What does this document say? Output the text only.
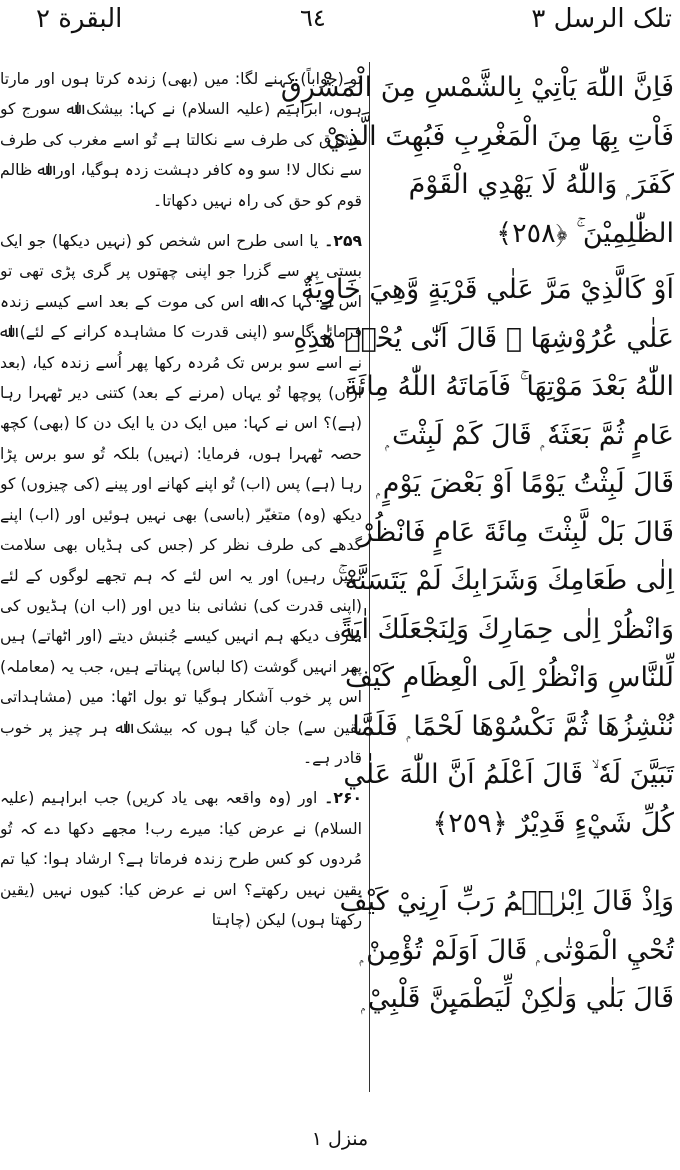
البقرة ٢	٦٤	تلک الرسل ۳

تو (جواباً) کہنے لگا: میں (بھی) زندہ کرتا ہوں اور مارتا ہوں، ابراہیم (علیہ السلام) نے کہا: بیشک اﷲ سورج کو مشرق کی طرف سے نکالتا ہے تُو اسے مغرب کی طرف سے نکال لا! سو وہ کافر دہشت زدہ ہوگیا، اور اﷲ ظالم قوم کو حق کی راہ نہیں دکھاتا۔

۲۵۹۔ یا اسی طرح اس شخص کو (نہیں دیکھا) جو ایک بستی پر سے گزرا جو اپنی چھتوں پر گری پڑی تھی تو اس نے کہا کہ اﷲ اس کی موت کے بعد اسے کیسے زندہ فرمائے گا سو (اپنی قدرت کا مشاہدہ کرانے کے لئے) اﷲ نے اسے سو برس تک مُردہ رکھا پھر اُسے زندہ کیا، (بعد ازاں) پوچھا تُو یہاں (مرنے کے بعد) کتنی دیر ٹھہرا رہا (ہے)؟ اس نے کہا: میں ایک دن یا ایک دن کا (بھی) کچھ حصہ ٹھہرا ہوں، فرمایا: (نہیں) بلکہ تُو سو برس پڑا رہا (ہے) پس (اب) تُو اپنے کھانے اور پینے (کی چیزوں) کو دیکھ (وہ) متغیّر (باسی) بھی نہیں ہوئیں اور (اب) اپنے گدھے کی طرف نظر کر (جس کی ہڈیاں بھی سلامت نہیں رہیں) اور یہ اس لئے کہ ہم تجھے لوگوں کے لئے (اپنی قدرت کی) نشانی بنا دیں اور (اب ان) ہڈیوں کی طرف دیکھ ہم انہیں کیسے جُنبش دیتے (اور اٹھاتے) ہیں پھر انہیں گوشت (کا لباس) پہناتے ہیں، جب یہ (معاملہ) اس پر خوب آشکار ہوگیا تو بول اٹھا: میں (مشاہداتی یقین سے) جان گیا ہوں کہ بیشک اﷲ ہر چیز پر خوب قادر ہے۔

۲۶۰۔ اور (وہ واقعہ بھی یاد کریں) جب ابراہیم (علیہ السلام) نے عرض کیا: میرے رب! مجھے دکھا دے کہ تُو مُردوں کو کس طرح زندہ فرماتا ہے؟ ارشاد ہوا: کیا تم یقین نہیں رکھتے؟ اس نے عرض کیا: کیوں نہیں (یقین رکھتا ہوں) لیکن (چاہتا

فَاِنَّ اللّٰهَ يَاْتِيْ بِالشَّمْسِ مِنَ الْمَشْرِقِ
فَاْتِ بِهَا مِنَ الْمَغْرِبِ فَبُهِتَ الَّذِيْ
كَفَرَ ۭ وَاللّٰهُ لَا يَهْدِي الْقَوْمَ
الظّٰلِمِيْنَ ۚ ﴿٢٥٨﴾
اَوْ كَالَّذِيْ مَرَّ عَلٰي قَرْيَةٍ وَّهِيَ خَاوِيَةٌ
عَلٰي عُرُوْشِهَا ۚ قَالَ اَنّٰى يُحْيٖ هٰذِهِ
اللّٰهُ بَعْدَ مَوْتِهَا ۚ فَاَمَاتَهُ اللّٰهُ مِائَةَ
عَامٍ ثُمَّ بَعَثَهٗ ۭ قَالَ كَمْ لَبِثْتَ ۭ
قَالَ لَبِثْتُ يَوْمًا اَوْ بَعْضَ يَوْمٍ ۭ
قَالَ بَلْ لَّبِثْتَ مِائَةَ عَامٍ فَانْظُرْ
اِلٰى طَعَامِكَ وَشَرَابِكَ لَمْ يَتَسَنَّهْ ۚ
وَانْظُرْ اِلٰى حِمَارِكَ وَلِنَجْعَلَكَ اٰيَةً
لِّلنَّاسِ وَانْظُرْ اِلَى الْعِظَامِ كَيْفَ
نُنْشِزُهَا ثُمَّ نَكْسُوْهَا لَحْمًا ۭ فَلَمَّا
تَبَيَّنَ لَهٗ ۙ قَالَ اَعْلَمُ اَنَّ اللّٰهَ عَلٰي
كُلِّ شَيْءٍ قَدِيْرٌ ﴿٢٥٩﴾
وَاِذْ قَالَ اِبْرٰھٖمُ رَبِّ اَرِنِيْ كَيْفَ
تُحْيِ الْمَوْتٰى ۭ قَالَ اَوَلَمْ تُؤْمِنْ ۭ
قَالَ بَلٰي وَلٰكِنْ لِّيَطْمَىِٕنَّ قَلْبِيْ ۭ
منزل ۱
